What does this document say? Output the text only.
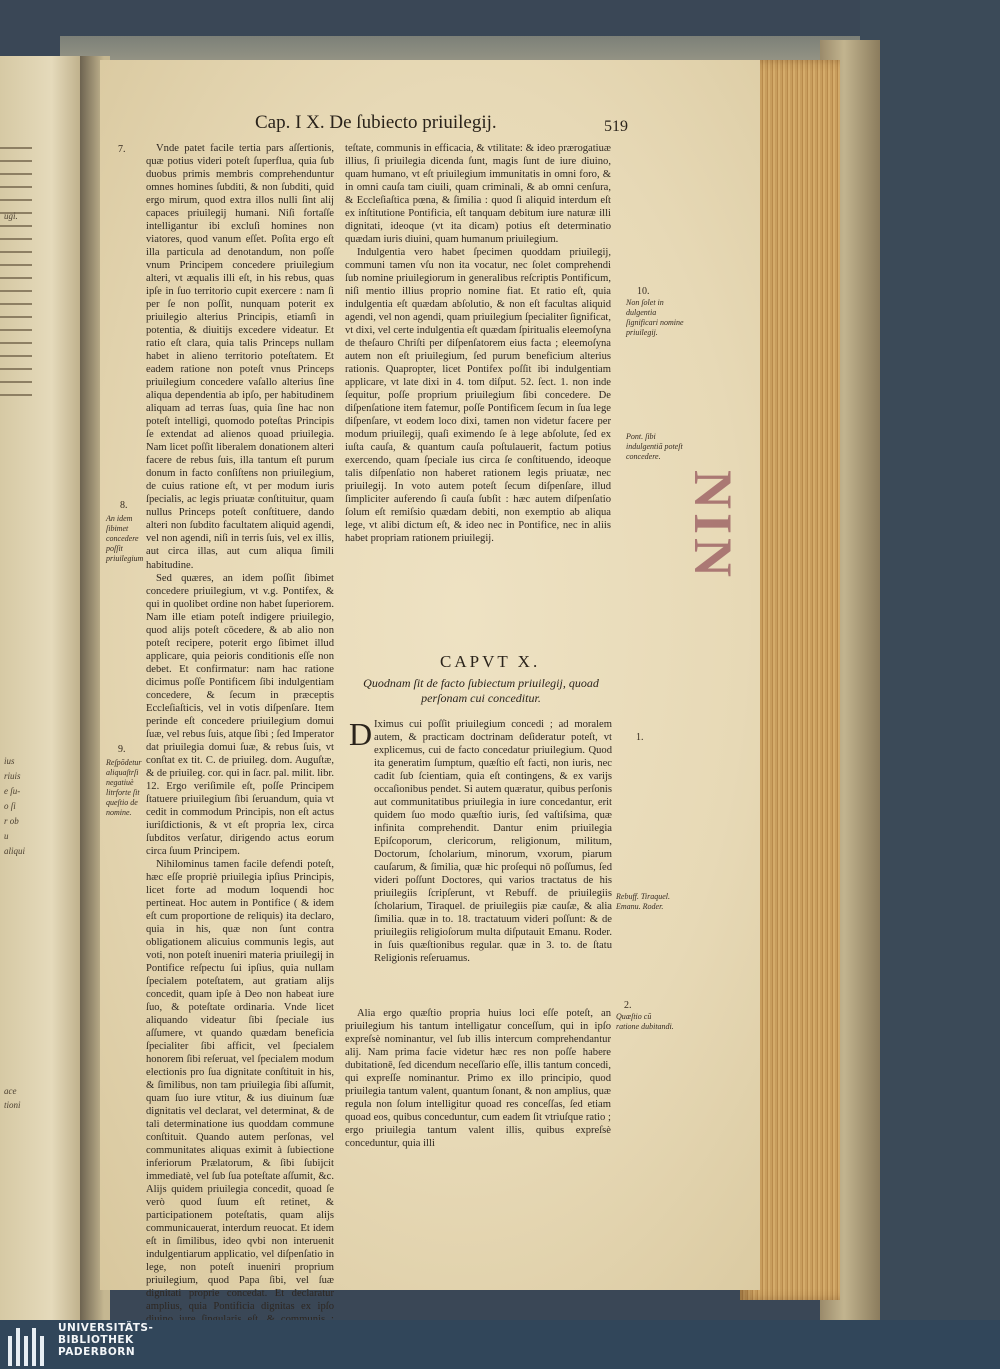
ugi.
ius
riuis
e ſu-
o ſi
r ob
u
aliqui
ace
tioni
NIN
Cap. I X. De ſubiecto priuilegij.	519
7.
8.
9.
An idem ſibimet concedere poſſit priuilegium
Reſpōdetur aliquaſtrſi negatiuè litrforte ſit queſtio de nomine.

Vnde patet facile tertia pars aſſertionis, quæ potius videri poteſt ſuperflua, quia ſub duobus primis membris comprehenduntur omnes homines ſubditi, & non ſubditi, quid ergo mirum, quod extra illos nulli ſint alij capaces priuilegij humani. Niſi fortaſſe intelligantur ibi excluſi homines non viatores, quod vanum eſſet. Poſita ergo eſt illa particula ad denotandum, non poſſe vnum Principem concedere priuilegium alteri, vt æqualis illi eſt, in his rebus, quas ipſe in ſuo territorio cupit exercere : nam ſi per ſe non poſſit, nunquam poterit ex priuilegio alterius Principis, etiamſi in potentia, & diuitijs excedere videatur. Et ratio eſt clara, quia talis Princeps nullam habet in alieno territorio poteſtatem. Et eadem ratione non poteſt vnus Princeps priuilegium concedere vaſallo alterius ſine aliqua dependentia ab ipſo, per habitudinem aliquam ad terras ſuas, quia ſine hac non poteſt intelligi, quomodo poteſtas Principis ſe extendat ad alienos quoad priuilegia. Nam licet poſſit liberalem donationem alteri facere de rebus ſuis, illa tantum eſt purum donum in facto conſiſtens non priuilegium, de cuius ratione eſt, vt per modum iuris ſpecialis, ac legis priuatæ conſtituitur, quam nullus Princeps poteſt conſtituere, dando alteri non ſubdito facultatem aliquid agendi, vel non agendi, niſi in terris ſuis, vel ex illis, aut circa illas, aut cum aliqua ſimili habitudine.

Sed quæres, an idem poſſit ſibimet concedere priuilegium, vt v.g. Pontifex, & qui in quolibet ordine non habet ſuperiorem. Nam ille etiam poteſt indigere priuilegio, quod alijs poteſt cōcedere, & ab alio non poteſt recipere, poterit ergo ſibimet illud applicare, quia peioris conditionis eſſe non debet. Et confirmatur: nam hac ratione dicimus poſſe Pontificem ſibi indulgentiam concedere, & ſecum in præceptis Eccleſiaſticis, vel in votis diſpenſare. Item perinde eſt concedere priuilegium domui ſuæ, vel rebus ſuis, atque ſibi ; ſed Imperator dat priuilegia domui ſuæ, & rebus ſuis, vt conſtat ex tit. C. de priuileg. dom. Auguſtæ, & de priuileg. cor. qui in ſacr. pal. milit. libr. 12. Ergo veriſimile eſt, poſſe Principem ſtatuere priuilegium ſibi ſeruandum, quia vt cedit in commodum Principis, non eſt actus iuriſdictionis, & vt eſt propria lex, circa ſubditos verſatur, dirigendo actus eorum circa ſuum Principem.

Nihilominus tamen facile defendi poteſt, hæc eſſe propriè priuilegia ipſius Principis, licet forte ad modum loquendi hoc pertineat. Hoc autem in Pontifice ( & idem eſt cum proportione de reliquis) ita declaro, quia in his, quæ non ſunt contra obligationem alicuius communis legis, aut voti, non poteſt inueniri materia priuilegij in Pontifice reſpectu ſui ipſius, quia nullam ſpecialem poteſtatem, aut gratiam alijs concedit, quam ipſe à Deo non habeat iure ſuo, & poteſtate ordinaria. Vnde licet aliquando videatur ſibi ſpeciale ius aſſumere, vt quando quædam beneficia ſpecialiter ſibi afficit, vel ſpecialem honorem ſibi reſeruat, vel ſpecialem modum electionis pro ſua dignitate conſtituit in his, & ſimilibus, non tam priuilegia ſibi aſſumit, quam ſuo iure vtitur, & ius diuinum ſuæ dignitatis vel declarat, vel determinat, & de tali determinatione ius quoddam commune conſtituit. Quando autem perſonas, vel communitates aliquas eximit à ſubiectione inferiorum Prælatorum, & ſibi ſubijcit immediatè, vel ſub ſua poteſtate aſſumit, &c. Alijs quidem priuilegia concedit, quoad ſe verò quod ſuum eſt retinet, & participationem poteſtatis, quam alijs communicauerat, interdum reuocat. Et idem eſt in ſimilibus, ideo qvbi non interuenit indulgentiarum applicatio, vel diſpenſatio in lege, non poteſt inueniri proprium priuilegium, quod Papa ſibi, vel ſuæ dignitati proprie concedat. Et declaratur amplius, quia Pontificia dignitas ex ipſo

teſtate, communis in efficacia, & vtilitate: & ideo prærogatiuæ illius, ſi priuilegia dicenda ſunt, magis ſunt de iure diuino, quam humano, vt eſt priuilegium immunitatis in omni foro, & in omni cauſa tam ciuili, quam criminali, & ab omni cenſura, & Eccleſiaſtica pœna, & ſimilia : quod ſi aliquid interdum eſt ex inſtitutione Pontificia, eſt tanquam debitum iure naturæ illi dignitati, ideoque (vt ita dicam) potius eſt determinatio quædam iuris diuini, quam humanum priuilegium.

Indulgentia vero habet ſpecimen quoddam priuilegij, communi tamen vſu non ita vocatur, nec ſolet comprehendi ſub nomine priuilegiorum in generalibus reſcriptis Pontificum, niſi mentio illius proprio nomine fiat. Et ratio eſt, quia indulgentia eſt quædam abſolutio, & non eſt facultas aliquid agendi, vel non agendi, quam priuilegium ſpecialiter ſignificat, vt dixi, vel certe indulgentia eſt quædam ſpiritualis eleemoſyna de theſauro Chriſti per diſpenſatorem eius facta ; eleemoſyna autem non eſt priuilegium, ſed purum beneficium alterius rationis. Quapropter, licet Pontifex poſſit ibi indulgentiam applicare, vt late dixi in 4. tom diſput. 52. ſect. 1. non inde ſequitur, poſſe proprium priuilegium ſibi concedere. De diſpenſatione item fatemur, poſſe Pontificem ſecum in ſua lege diſpenſare, vt eodem loco dixi, tamen non videtur facere per modum priuilegij, quaſi eximendo ſe à lege abſolute, ſed ex iuſta cauſa, & quantum cauſa poſtulauerit, factum potius exercendo, quam ſpeciale ius circa ſe conſtituendo, ideoque talis diſpenſatio non haberet rationem legis priuatæ, nec priuilegij. In voto autem poteſt ſecum diſpenſare, illud ſimpliciter auferendo ſi cauſa ſubſit : hæc autem diſpenſatio ſolum eſt remiſsio quædam debiti, non exemptio ab aliqua lege, vt alibi dictum eſt, & ideo nec in Pontifice, nec in aliis habet propriam rationem priuilegij.

CAPVT X.
Quodnam ſit de facto ſubiectum priuilegij, quoad perſonam cui conceditur.
D Iximus cui poſſit priuilegium concedi ; ad moralem autem, & practicam doctrinam deſideratur poteſt, vt explicemus, cui de facto concedatur priuilegium. Quod ita generatim ſumptum, quæſtio eſt facti, non iuris, nec cadit ſub ſcientiam, quia eſt contingens, & ex varijs occaſionibus pendet. Si autem quæratur, quibus perſonis aut communitatibus priuilegia in iure concedantur, erit quidem ſuo modo quæſtio iuris, ſed vaſtiſsima, quæ infinita comprehendit. Dantur enim priuilegia Epiſcoporum, clericorum, religionum, militum, Doctorum, ſcholarium, minorum, vxorum, piarum cauſarum, & ſimilia, quæ hic proſequi nō poſſumus, ſed videri poſſunt Doctores, qui varios tractatus de his priuilegiis ſcripſerunt, vt Rebuff. de priuilegiis ſcholarium, Tiraquel. de priuilegiis piæ cauſæ, & alia ſimilia. quæ in to. 18. tractatuum videri poſſunt: & de priuilegiis religioſorum multa diſputauit Emanu. Roder. in ſuis quæſtionibus regular. quæ in 3. to. de ſtatu Religionis reſeruamus.

Alia ergo quæſtio propria huius loci eſſe poteſt, an priuilegium his tantum intelligatur conceſſum, qui in ipſo expreſsè nominantur, vel ſub illis intercum comprehendantur alij. Nam prima facie videtur hæc res non poſſe habere dubitationē, ſed dicendum neceſſario eſſe, illis tantum concedi, qui expreſſe nominantur. Primo ex illo principio, quod priuilegia tantum valent, quantum ſonant, & non amplius, quæ regula non ſolum intelligitur quoad res conceſſas, ſed etiam quoad eos, quibus conceduntur, cum eadem ſit vtriuſque ratio ; ergo priuilegia tantum valent illis, quibus expreſsè conceduntur, quia illi

10.
Non ſolet in dulgentia ſignificari nomine priuilegij.
Pont. ſibi indulgentiā poteſt concedere.
1.
Rebuff. Tiraquel. Emanu. Roder.
2.
Quæſtio cū ratione dubitandi.
UNIVERSITÄTS-
BIBLIOTHEK
PADERBORN
